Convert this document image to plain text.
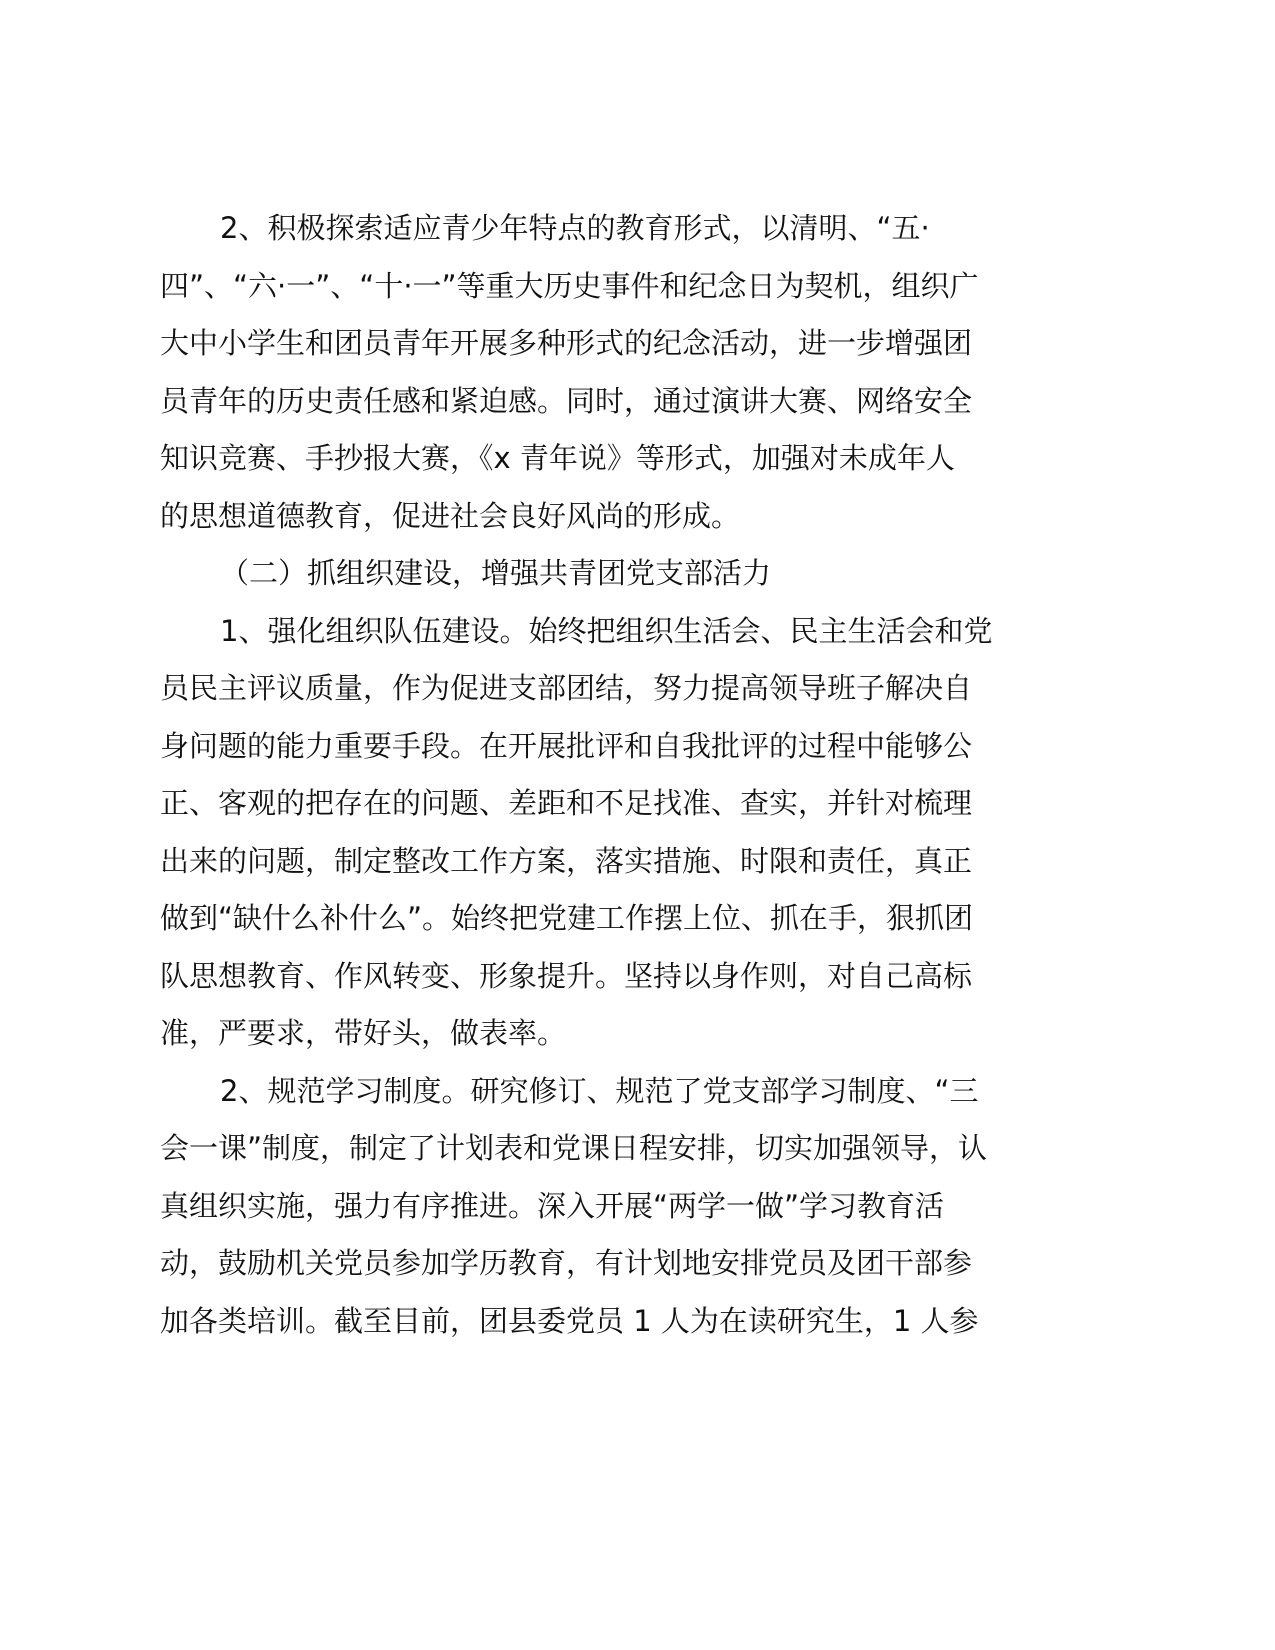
2、积极探索适应青少年特点的教育形式，以清明、“五·
四”、“六·一”、“十·一”等重大历史事件和纪念日为契机，组织广
大中小学生和团员青年开展多种形式的纪念活动，进一步增强团
员青年的历史责任感和紧迫感。同时，通过演讲大赛、网络安全
知识竞赛、手抄报大赛，《x 青年说》等形式，加强对未成年人
的思想道德教育，促进社会良好风尚的形成。
（二）抓组织建设，增强共青团党支部活力
1、强化组织队伍建设。始终把组织生活会、民主生活会和党
员民主评议质量，作为促进支部团结，努力提高领导班子解决自
身问题的能力重要手段。在开展批评和自我批评的过程中能够公
正、客观的把存在的问题、差距和不足找准、查实，并针对梳理
出来的问题，制定整改工作方案，落实措施、时限和责任，真正
做到“缺什么补什么”。始终把党建工作摆上位、抓在手，狠抓团
队思想教育、作风转变、形象提升。坚持以身作则，对自己高标
准，严要求，带好头，做表率。
2、规范学习制度。研究修订、规范了党支部学习制度、“三
会一课”制度，制定了计划表和党课日程安排，切实加强领导，认
真组织实施，强力有序推进。深入开展“两学一做”学习教育活
动，鼓励机关党员参加学历教育，有计划地安排党员及团干部参
加各类培训。截至目前，团县委党员 1 人为在读研究生，1 人参
